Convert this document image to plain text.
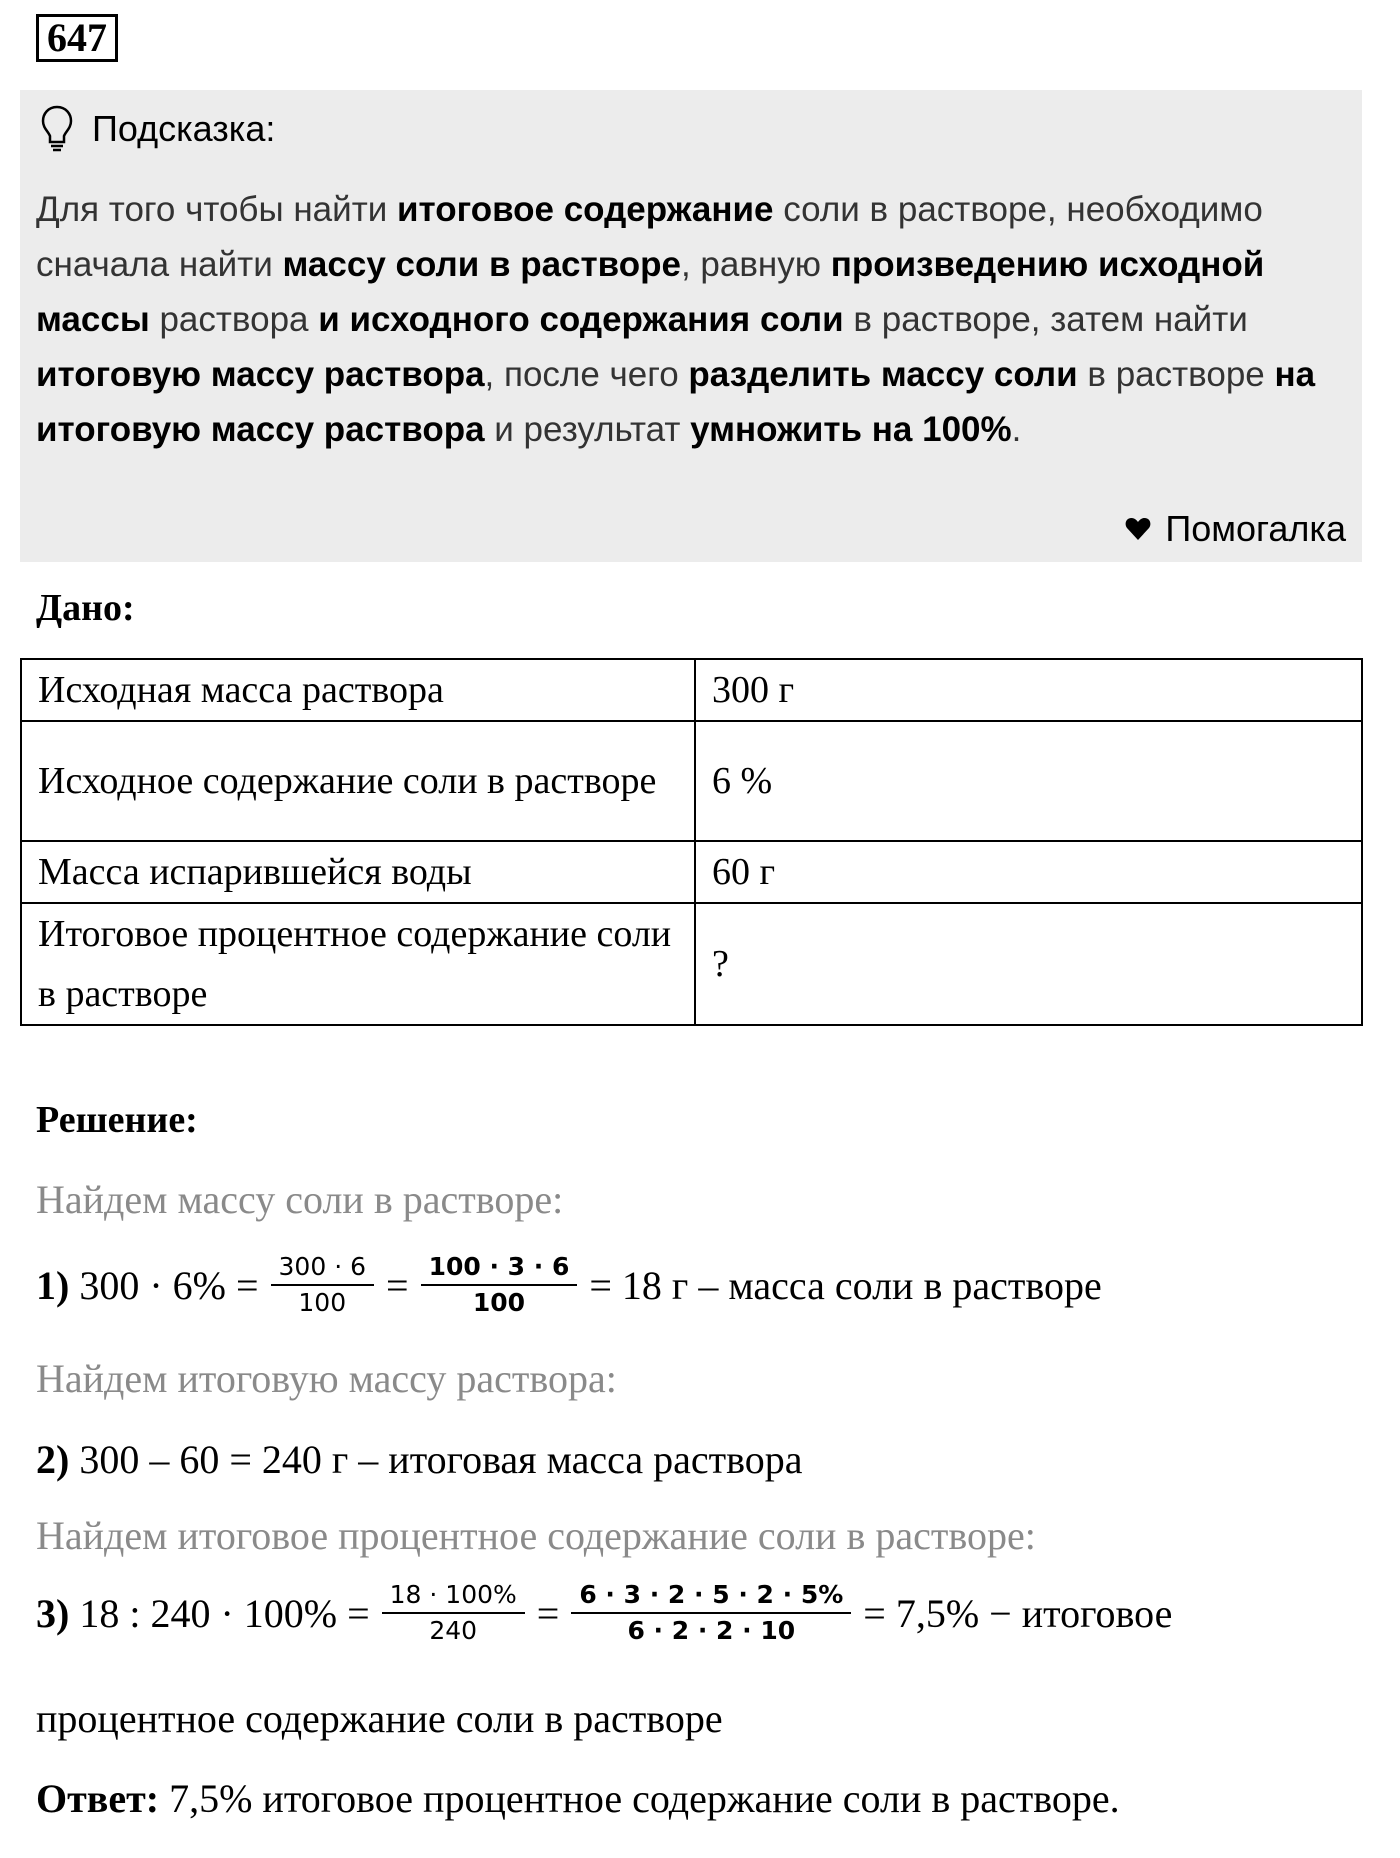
647
Подсказка:
Для того чтобы найти итоговое содержание соли в растворе, необходимо сначала найти массу соли в растворе, равную произведению исходной массы раствора и исходного содержания соли в растворе, затем найти итоговую массу раствора, после чего разделить массу соли в растворе на итоговую массу раствора и результат умножить на 100%.
Помогалка
Дано:
Исходная масса раствора	300 г
Исходное содержание соли в растворе	6 %
Масса испарившейся воды	60 г
Итоговое процентное содержание соли в растворе	?
Решение:
Найдем массу соли в растворе:
1) $300 \cdot 6\% = \frac{300 \cdot 6}{100} = \frac{100 \cdot 3 \cdot 6}{100} = 18$ г – масса соли в растворе
Найдем итоговую массу раствора:
2) 300 – 60 = 240 г – итоговая масса раствора
Найдем итоговое процентное содержание соли в растворе:
3) 18 : $240 \cdot 100\% = \frac{18 \cdot 100\%}{240} = \frac{6 \cdot 3 \cdot 2 \cdot 5 \cdot 2 \cdot 5\%}{6 \cdot 2 \cdot 2 \cdot 10} = 7,5\%$ − итоговое
процентное содержание соли в растворе
Ответ: 7,5% итоговое процентное содержание соли в растворе.
